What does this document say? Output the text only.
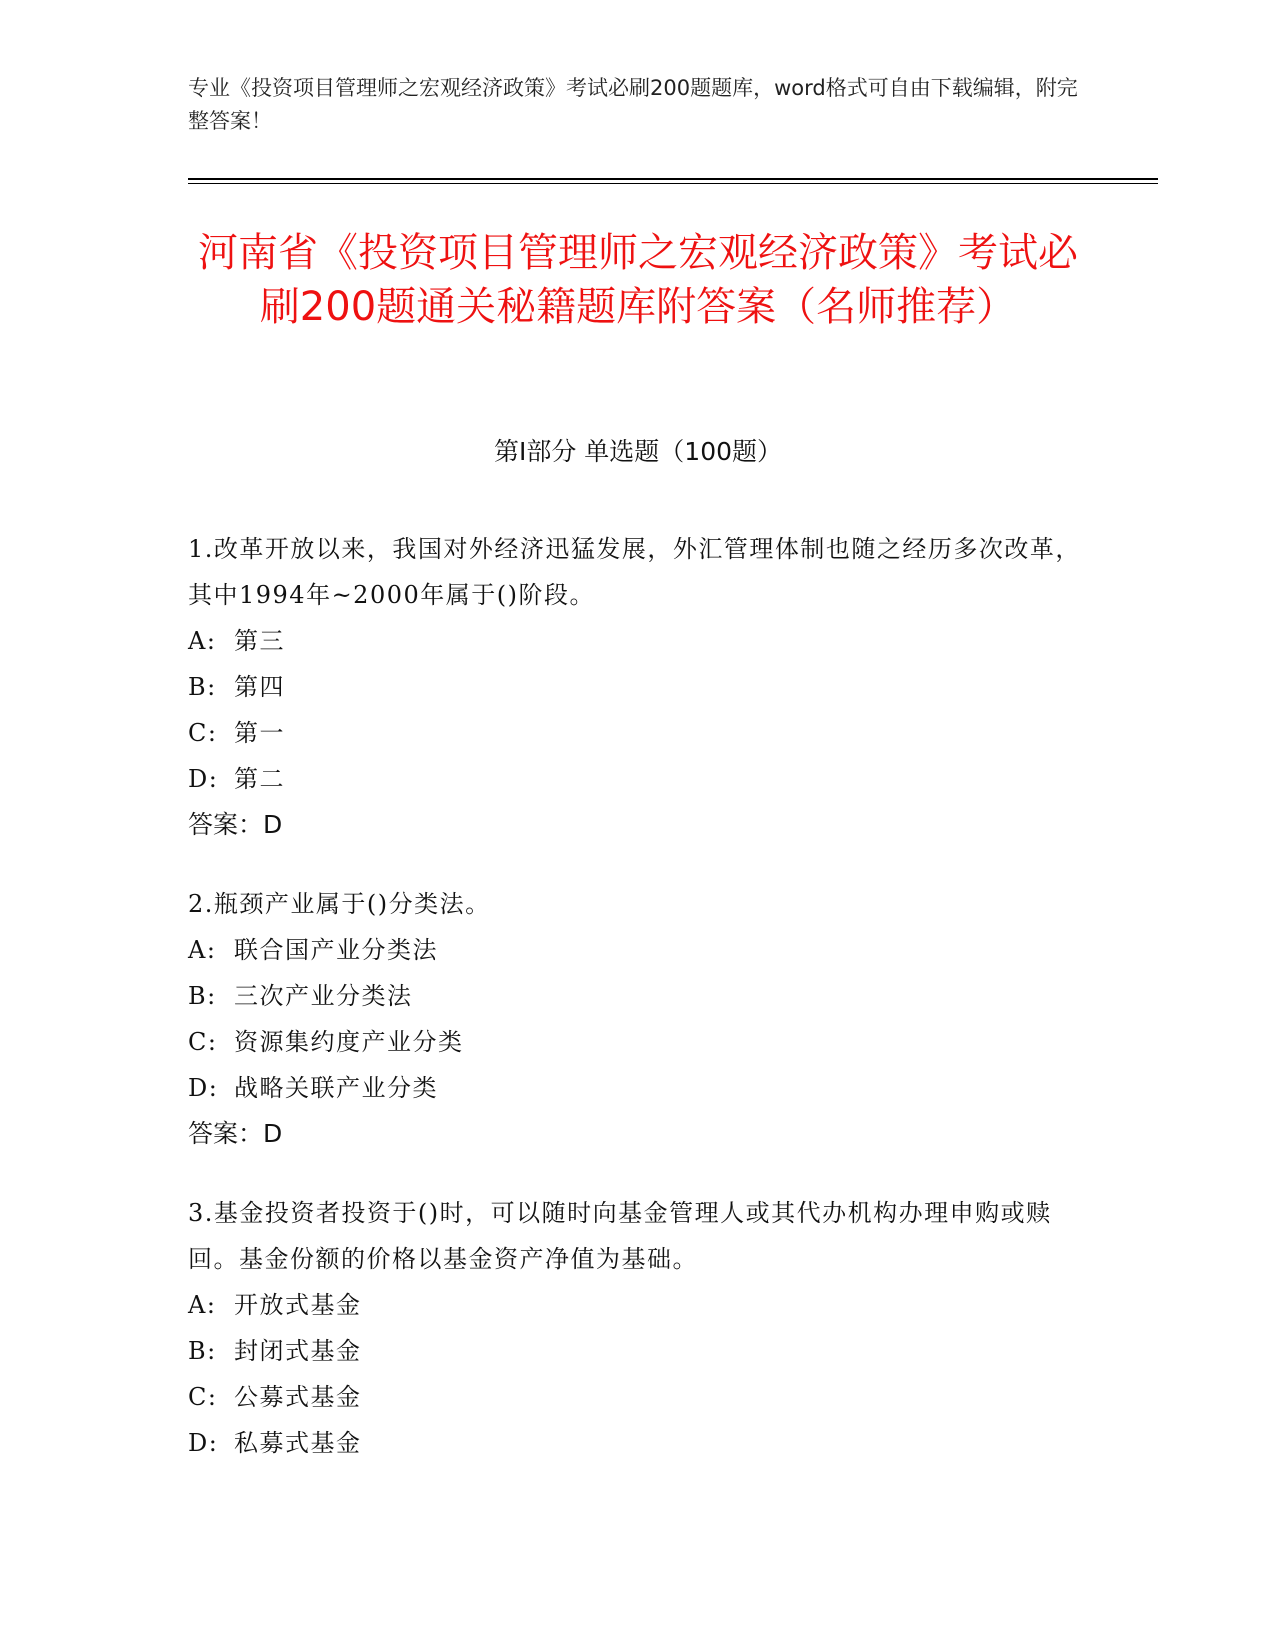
专业《投资项目管理师之宏观经济政策》考试必刷200题题库，word格式可自由下载编辑，附完整答案！
河南省《投资项目管理师之宏观经济政策》考试必刷200题通关秘籍题库附答案（名师推荐）
第I部分 单选题（100题）

1.改革开放以来，我国对外经济迅猛发展，外汇管理体制也随之经历多次改革，其中1994年~2000年属于()阶段。

A: 第三

B: 第四

C: 第一

D: 第二

答案：D

2.瓶颈产业属于()分类法。

A: 联合国产业分类法

B: 三次产业分类法

C: 资源集约度产业分类

D: 战略关联产业分类

答案：D

3.基金投资者投资于()时，可以随时向基金管理人或其代办机构办理申购或赎回。基金份额的价格以基金资产净值为基础。

A: 开放式基金

B: 封闭式基金

C: 公募式基金

D: 私募式基金
